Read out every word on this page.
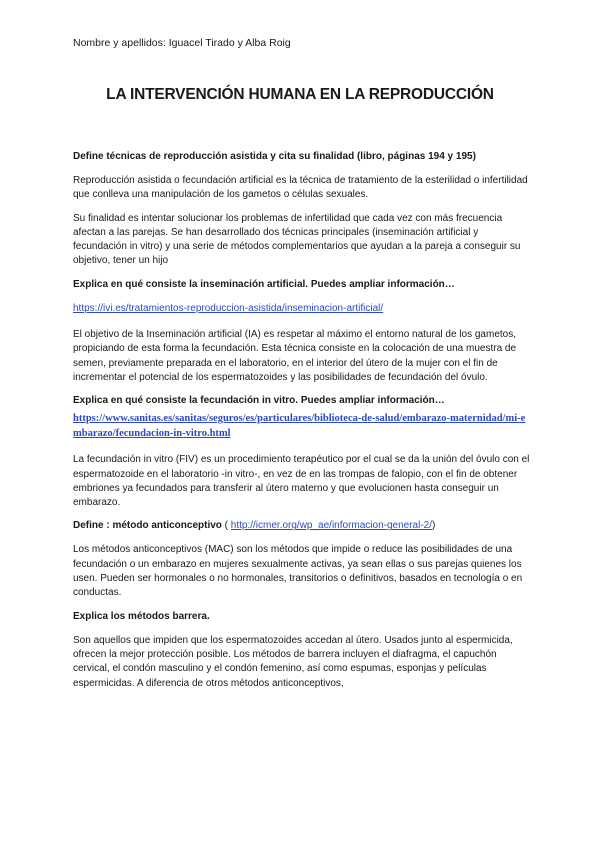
Nombre y apellidos: Iguacel Tirado y Alba Roig
LA INTERVENCIÓN HUMANA EN LA REPRODUCCIÓN
Define técnicas de reproducción asistida y cita su finalidad (libro, páginas 194 y 195)
Reproducción asistida o fecundación artificial es la técnica de tratamiento de la esterilidad o infertilidad que conlleva una manipulación de los gametos o células sexuales.
Su finalidad es intentar solucionar los problemas de infertilidad que cada vez con más frecuencia afectan a las parejas. Se han desarrollado dos técnicas principales (inseminación artificial y fecundación in vitro) y una serie de métodos complementarios que ayudan a la pareja a conseguir su objetivo, tener un hijo
Explica en qué consiste la inseminación artificial. Puedes ampliar información…
https://ivi.es/tratamientos-reproduccion-asistida/inseminacion-artificial/
El objetivo de la Inseminación artificial (IA) es respetar al máximo el entorno natural de los gametos, propiciando de esta forma la fecundación. Esta técnica consiste en la colocación de una muestra de semen, previamente preparada en el laboratorio, en el interior del útero de la mujer con el fin de incrementar el potencial de los espermatozoides y las posibilidades de fecundación del óvulo.
Explica en qué consiste la fecundación in vitro. Puedes ampliar información…
https://www.sanitas.es/sanitas/seguros/es/particulares/biblioteca-de-salud/embarazo-maternidad/mi-embarazo/fecundacion-in-vitro.html
La fecundación in vitro (FIV) es un procedimiento terapéutico por el cual se da la unión del óvulo con el espermatozoide en el laboratorio -in vitro-, en vez de en las trompas de falopio, con el fin de obtener embriones ya fecundados para transferir al útero materno y que evolucionen hasta conseguir un embarazo.
Define : método anticonceptivo ( http://icmer.org/wp_ae/informacion-general-2/)
Los métodos anticonceptivos (MAC) son los métodos que impide o reduce las posibilidades de una fecundación o un embarazo en mujeres sexualmente activas, ya sean ellas o sus parejas quienes los usen. Pueden ser hormonales o no hormonales, transitorios o definitivos, basados en tecnología o en conductas.
Explica los métodos barrera.
Son aquellos que impiden que los espermatozoides accedan al útero. Usados junto al espermicida, ofrecen la mejor protección posible. Los métodos de barrera incluyen el diafragma, el capuchón cervical, el condón masculino y el condón femenino, así como espumas, esponjas y películas espermicidas. A diferencia de otros métodos anticonceptivos,
